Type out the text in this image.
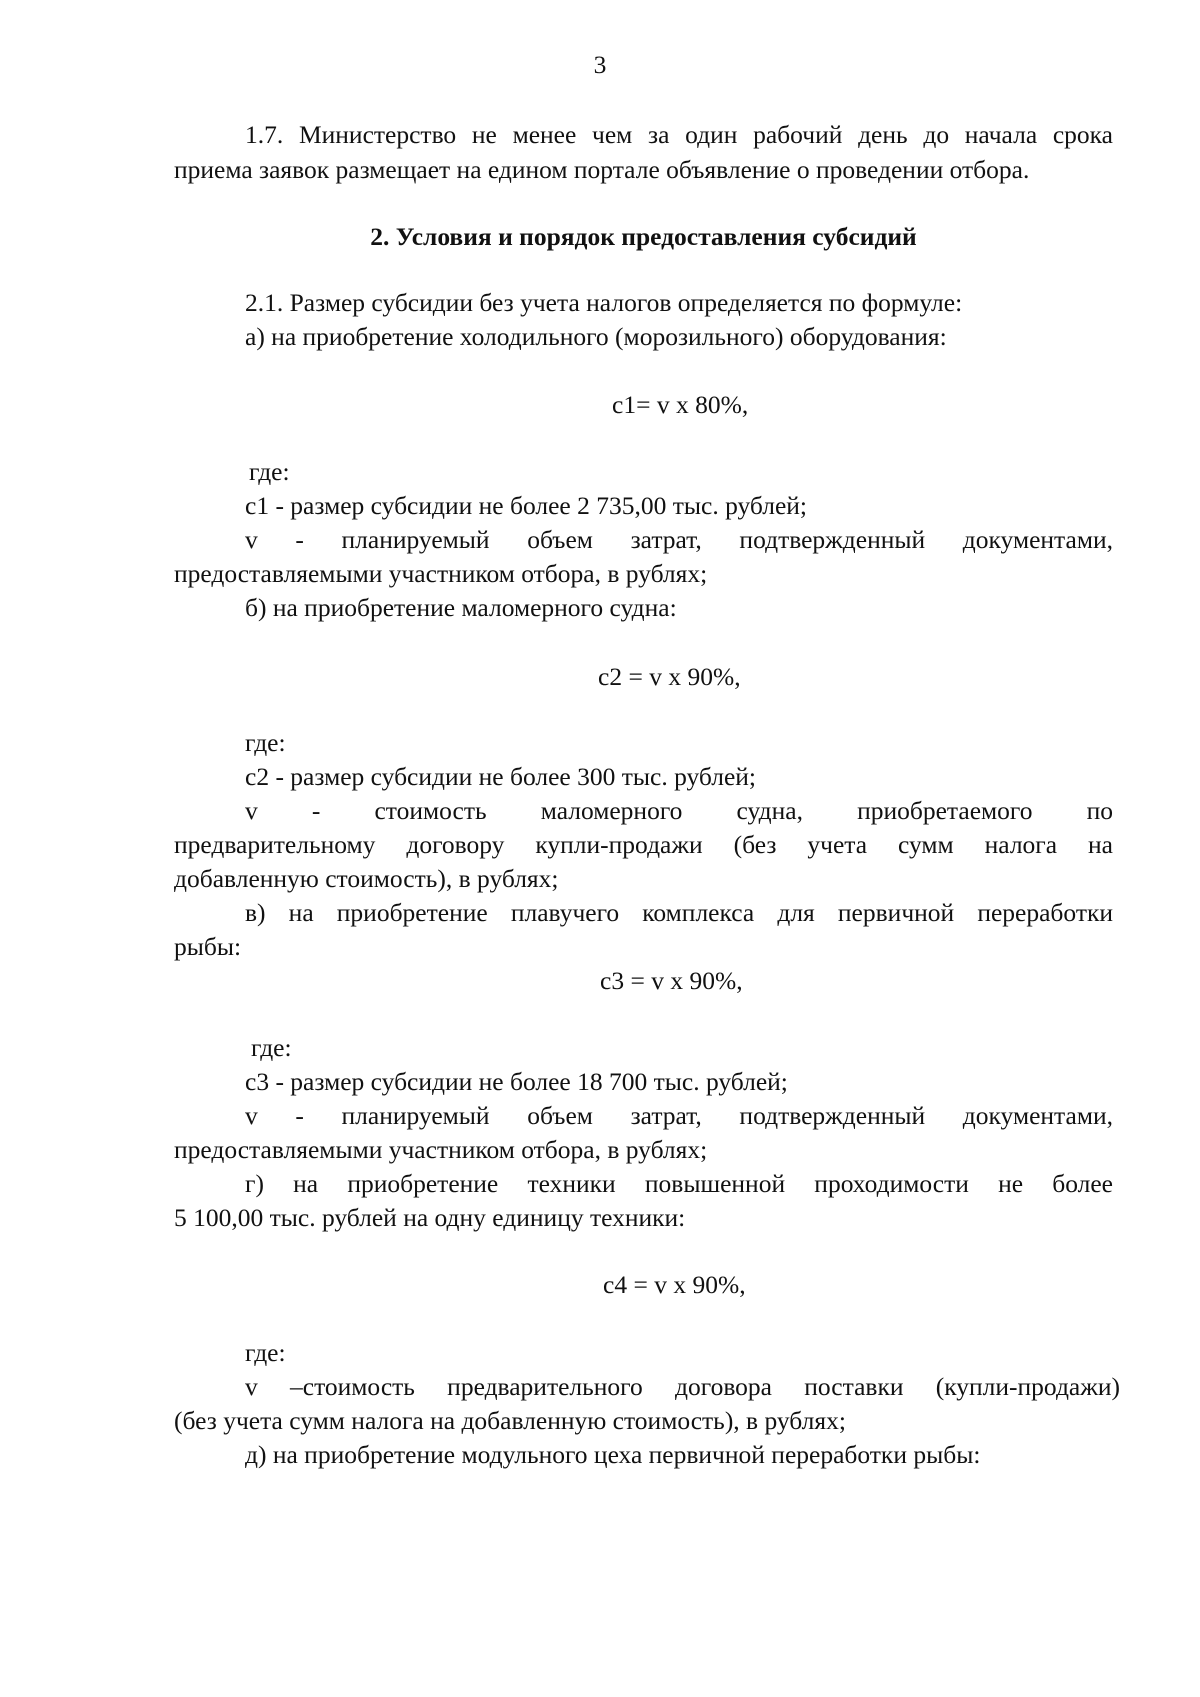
3
1.7. Министерство не менее чем за один рабочий день до начала срока
приема заявок размещает на едином портале объявление о проведении отбора.
2. Условия и порядок предоставления субсидий
2.1. Размер субсидии без учета налогов определяется по формуле:
а) на приобретение холодильного (морозильного) оборудования:
с1= v х 80%,
где:
с1 - размер субсидии не более 2 735,00 тыс. рублей;
v - планируемый объем затрат, подтвержденный документами,
предоставляемыми участником отбора, в рублях;
б) на приобретение маломерного судна:
с2 = v х 90%,
где:
с2 - размер субсидии не более 300 тыс. рублей;
v - стоимость маломерного судна, приобретаемого по
предварительному договору купли-продажи (без учета сумм налога на
добавленную стоимость), в рублях;
в) на приобретение плавучего комплекса для первичной переработки
рыбы:
с3 = v х 90%,
где:
с3 - размер субсидии не более 18 700 тыс. рублей;
v - планируемый объем затрат, подтвержденный документами,
предоставляемыми участником отбора, в рублях;
г) на приобретение техники повышенной проходимости не более
5 100,00 тыс. рублей на одну единицу техники:
с4 = v х 90%,
где:
v –стоимость предварительного договора поставки (купли-продажи)
(без учета сумм налога на добавленную стоимость), в рублях;
д) на приобретение модульного цеха первичной переработки рыбы:
